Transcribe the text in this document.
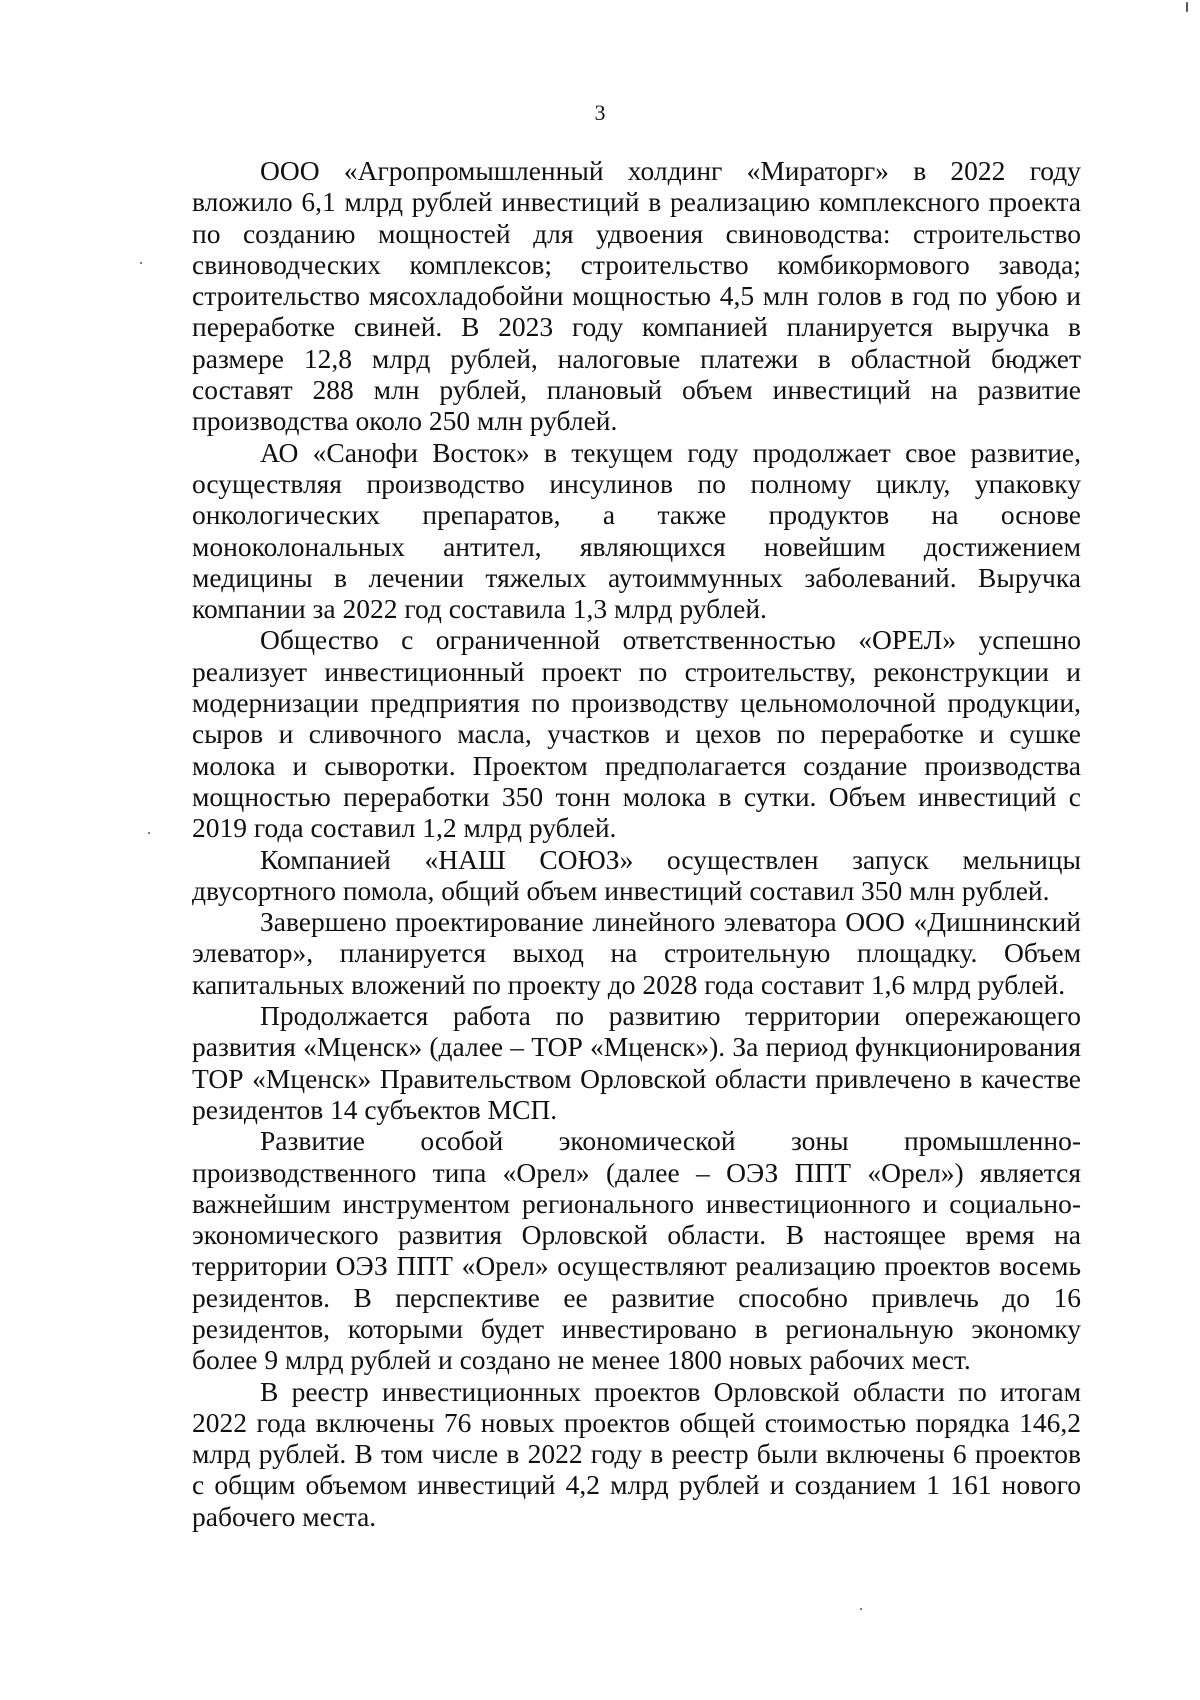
3

ООО «Агропромышленный холдинг «Мираторг» в 2022 году вложило 6,1 млрд рублей инвестиций в реализацию комплексного проекта по созданию мощностей для удвоения свиноводства: строительство свиноводческих комплексов; строительство комбикормового завода; строительство мясохладобойни мощностью 4,5 млн голов в год по убою и переработке свиней. В 2023 году компанией планируется выручка в размере 12,8 млрд рублей, налоговые платежи в областной бюджет составят 288 млн рублей, плановый объем инвестиций на развитие производства около 250 млн рублей.

АО «Санофи Восток» в текущем году продолжает свое развитие, осуществляя производство инсулинов по полному циклу, упаковку онкологических препаратов, а также продуктов на основе моноколональных антител, являющихся новейшим достижением медицины в лечении тяжелых аутоиммунных заболеваний. Выручка компании за 2022 год составила 1,3 млрд рублей.

Общество с ограниченной ответственностью «ОРЕЛ» успешно реализует инвестиционный проект по строительству, реконструкции и модернизации предприятия по производству цельномолочной продукции, сыров и сливочного масла, участков и цехов по переработке и сушке молока и сыворотки. Проектом предполагается создание производства мощностью переработки 350 тонн молока в сутки. Объем инвестиций с 2019 года составил 1,2 млрд рублей.

Компанией «НАШ СОЮЗ» осуществлен запуск мельницы двусортного помола, общий объем инвестиций составил 350 млн рублей.

Завершено проектирование линейного элеватора ООО «Дишнинский элеватор», планируется выход на строительную площадку. Объем капитальных вложений по проекту до 2028 года составит 1,6 млрд рублей.

Продолжается работа по развитию территории опережающего развития «Мценск» (далее – ТОР «Мценск»). За период функционирования ТОР «Мценск» Правительством Орловской области привлечено в качестве резидентов 14 субъектов МСП.

Развитие особой экономической зоны промышленно-производственного типа «Орел» (далее – ОЭЗ ППТ «Орел») является важнейшим инструментом регионального инвестиционного и социально-экономического развития Орловской области. В настоящее время на территории ОЭЗ ППТ «Орел» осуществляют реализацию проектов восемь резидентов. В перспективе ее развитие способно привлечь до 16 резидентов, которыми будет инвестировано в региональную экономку более 9 млрд рублей и создано не менее 1800 новых рабочих мест.

В реестр инвестиционных проектов Орловской области по итогам 2022 года включены 76 новых проектов общей стоимостью порядка 146,2 млрд рублей. В том числе в 2022 году в реестр были включены 6 проектов с общим объемом инвестиций 4,2 млрд рублей и созданием 1 161 нового рабочего места.
